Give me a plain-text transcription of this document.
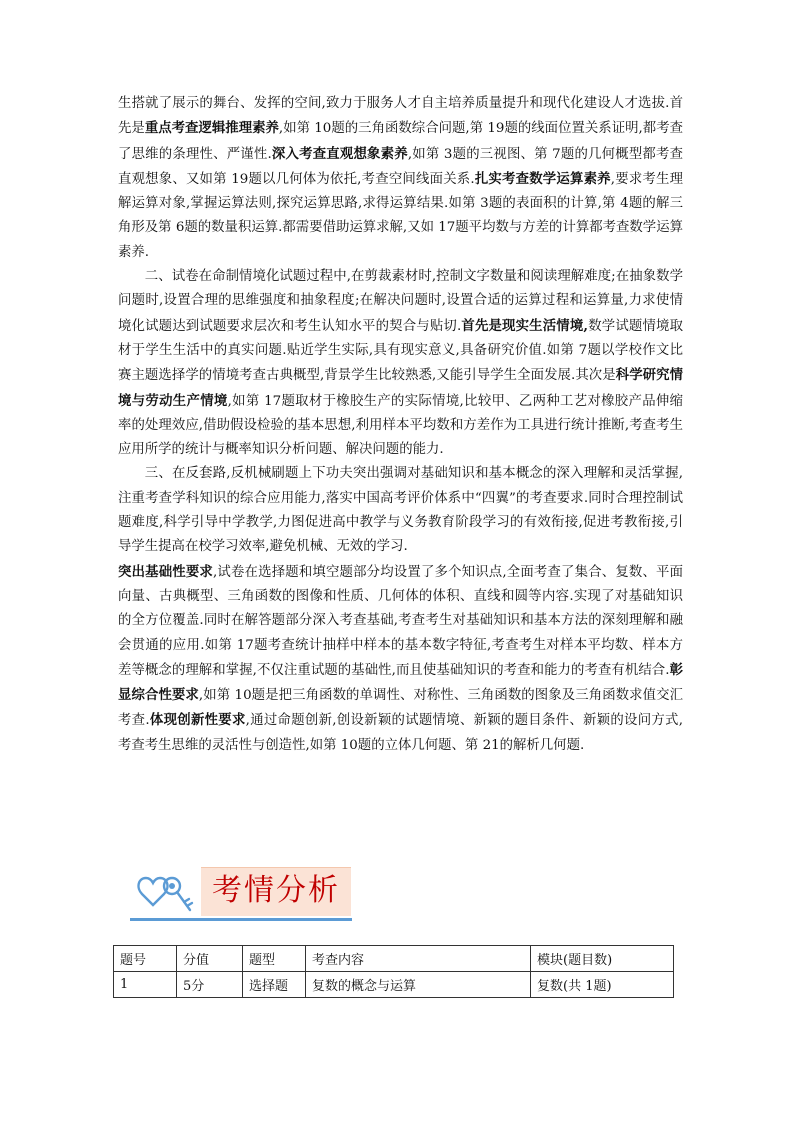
生搭就了展示的舞台、发挥的空间,致力于服务人才自主培养质量提升和现代化建设人才选拔.首先是重点考查逻辑推理素养,如第 10题的三角函数综合问题,第 19题的线面位置关系证明,都考查了思维的条理性、严谨性.深入考查直观想象素养,如第 3题的三视图、第 7题的几何概型都考查直观想象、又如第 19题以几何体为依托,考查空间线面关系.扎实考查数学运算素养,要求考生理解运算对象,掌握运算法则,探究运算思路,求得运算结果.如第 3题的表面积的计算,第 4题的解三角形及第 6题的数量积运算.都需要借助运算求解,又如 17题平均数与方差的计算都考查数学运算素养.

二、试卷在命制情境化试题过程中,在剪裁素材时,控制文字数量和阅读理解难度;在抽象数学问题时,设置合理的思维强度和抽象程度;在解决问题时,设置合适的运算过程和运算量,力求使情境化试题达到试题要求层次和考生认知水平的契合与贴切.首先是现实生活情境,数学试题情境取材于学生生活中的真实问题.贴近学生实际,具有现实意义,具备研究价值.如第 7题以学校作文比赛主题选择学的情境考查古典概型,背景学生比较熟悉,又能引导学生全面发展.其次是科学研究情境与劳动生产情境,如第 17题取材于橡胶生产的实际情境,比较甲、乙两种工艺对橡胶产品伸缩率的处理效应,借助假设检验的基本思想,利用样本平均数和方差作为工具进行统计推断,考查考生应用所学的统计与概率知识分析问题、解决问题的能力.

三、在反套路,反机械刷题上下功夫突出强调对基础知识和基本概念的深入理解和灵活掌握,注重考查学科知识的综合应用能力,落实中国高考评价体系中“四翼”的考查要求.同时合理控制试题难度,科学引导中学教学,力图促进高中教学与义务教育阶段学习的有效衔接,促进考教衔接,引导学生提高在校学习效率,避免机械、无效的学习.

突出基础性要求,试卷在选择题和填空题部分均设置了多个知识点,全面考查了集合、复数、平面向量、古典概型、三角函数的图像和性质、几何体的体积、直线和圆等内容.实现了对基础知识的全方位覆盖.同时在解答题部分深入考查基础,考查考生对基础知识和基本方法的深刻理解和融会贯通的应用.如第 17题考查统计抽样中样本的基本数字特征,考查考生对样本平均数、样本方差等概念的理解和掌握,不仅注重试题的基础性,而且使基础知识的考查和能力的考查有机结合.彰显综合性要求,如第 10题是把三角函数的单调性、对称性、三角函数的图象及三角函数求值交汇考查.体现创新性要求,通过命题创新,创设新颖的试题情境、新颖的题目条件、新颖的设问方式,考查考生思维的灵活性与创造性,如第 10题的立体几何题、第 21的解析几何题.

考情分析
题号	分值	题型	考查内容	模块(题目数)
1	5分	选择题	复数的概念与运算	复数(共 1题)
